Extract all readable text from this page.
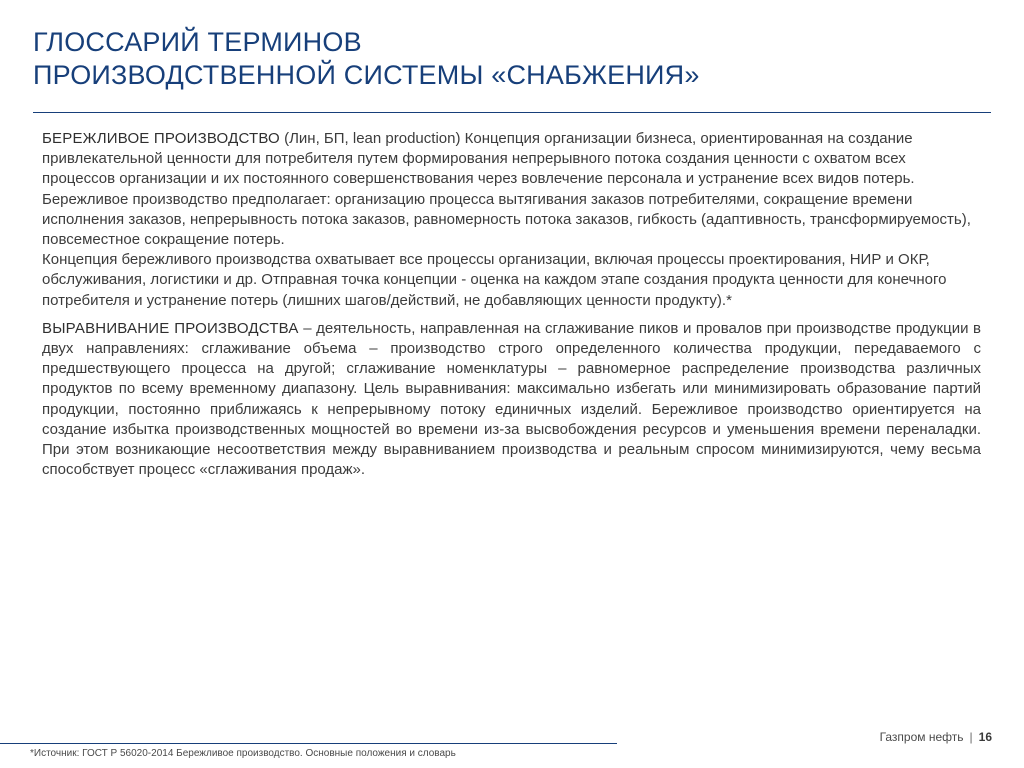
ГЛОССАРИЙ ТЕРМИНОВ
ПРОИЗВОДСТВЕННОЙ СИСТЕМЫ «СНАБЖЕНИЯ»

БЕРЕЖЛИВОЕ ПРОИЗВОДСТВО (Лин, БП, lean production) Концепция организации бизнеса, ориентированная на создание привлекательной ценности для потребителя путем формирования непрерывного потока создания ценности с охватом всех процессов организации и их постоянного совершенствования через вовлечение персонала и устранение всех видов потерь. Бережливое производство предполагает: организацию процесса вытягивания заказов потребителями, сокращение времени исполнения заказов, непрерывность потока заказов, равномерность потока заказов, гибкость (адаптивность, трансформируемость), повсеместное сокращение потерь.
Концепция бережливого производства охватывает все процессы организации, включая процессы проектирования, НИР и ОКР, обслуживания, логистики и др. Отправная точка концепции - оценка на каждом этапе создания продукта ценности для конечного потребителя и устранение потерь (лишних шагов/действий, не добавляющих ценности продукту).*

ВЫРАВНИВАНИЕ ПРОИЗВОДСТВА – деятельность, направленная на сглаживание пиков и провалов при производстве продукции в двух направлениях: сглаживание объема – производство строго определенного количества продукции, передаваемого с предшествующего процесса на другой; сглаживание номенклатуры – равномерное распределение производства различных продуктов по всему временному диапазону. Цель выравнивания: максимально избегать или минимизировать образование партий продукции, постоянно приближаясь к непрерывному потоку единичных изделий. Бережливое производство ориентируется на создание избытка производственных мощностей во времени из-за высвобождения ресурсов и уменьшения времени переналадки. При этом возникающие несоответствия между выравниванием производства и реальным спросом минимизируются, чему весьма способствует процесс «сглаживания продаж».

Газпром нефть | 16
*Источник: ГОСТ Р 56020-2014 Бережливое производство. Основные положения и словарь
